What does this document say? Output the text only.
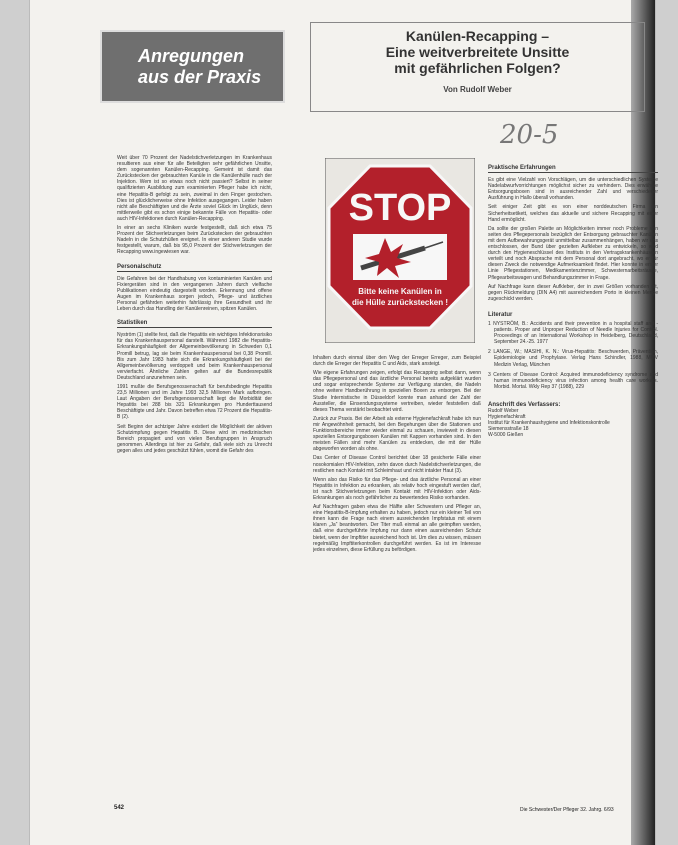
Anregungen
aus der Praxis
Kanülen-Recapping –
Eine weitverbreitete Unsitte
mit gefährlichen Folgen?
Von Rudolf Weber
20-5
STOP
Bitte keine Kanülen in
die Hülle zurückstecken !

Weit über 70 Prozent der Nadelstichverletzungen im Krankenhaus resultieren aus einer für alle Beteiligten sehr gefährlichen Unsitte, dem sogenannten Kanülen-Recapping. Gemeint ist damit das Zurückstecken der gebrauchten Kanüle in die Kanülenhülle nach der Injektion. Wem ist so etwas noch nicht passiert? Selbst in seiner qualifizierten Ausbildung zum examinierten Pfleger habe ich nicht, eine Hepatitis-B gefolgt zu sein, zweimal in den Finger gestochen. Dies ist glücklicherweise ohne Infektion ausgegangen. Leider haben nicht alle Beschäftigten und die Ärzte soviel Glück im Unglück, denn mittlerweile gibt es schon einige bekannte Fälle von Hepatitis- oder auch HIV-Infektionen durch Kanülen-Recapping.

In einer an sechs Kliniken wurde festgestellt, daß sich etwa 75 Prozent der Stichverletzungen beim Zurückstecken der gebrauchten Nadeln in die Schutzhüllen ereignet. In einer anderen Studie wurde festgestellt, warum, daß bis 95,0 Prozent der Stichverletzungen der Recapping www.ingewiesen war.

Personalschutz

Die Gefahren bei der Handhabung von kontaminierten Kanülen und Fixiergeräten sind in den vergangenen Jahren durch vielfache Publikationen eindeutig dargestellt worden. Erkennung und offene Augen im Krankenhaus sorgen jedoch, Pflege- und ärztliches Personal gefährden weiterhin fahrlässig ihre Gesundheit und ihr Leben durch das Handling der Kanülenreinen, spitzen Kanülen.

Statistiken

Nyström (1) stellte fest, daß die Hepatitis ein wichtiges Infektionsrisiko für das Krankenhauspersonal darstellt. Während 1982 die Hepatitis-Erkrankungshäufigkeit der Allgemeinbevölkerung in Schweden 0,1 Promill betrug, lag sie beim Krankenhauspersonal bei 0,38 Promill. Bis zum Jahr 1983 hatte sich die Erkrankungshäufigkeit bei der Allgemeinbevölkerung verdoppelt und beim Krankenhauspersonal vervierfacht. Ähnliche Zahlen gelten auf die Bundesrepublik Deutschland anzunehmen sein.

1991 mußte die Berufsgenossenschaft für berufsbedingte Hepatitis 23,5 Millionen und im Jahre 1993 32,5 Millionen Mark aufbringen. Laut Angaben der Berufsgenossenschaft liegt die Morbidität der Hepatitis bei 288 bis 321 Erkrankungen pro Hunderttausend Beschäftigte und Jahr. Davon betreffen etwa 72 Prozent die Hepatitis-B (2).

Seit Beginn der achtziger Jahre existiert die Möglichkeit der aktiven Schutzimpfung gegen Hepatitis B. Diese wird im medizinischen Bereich propagiert und von vielen Berufsgruppen in Anspruch genommen. Allerdings ist hier zu Gefahr, daß viele sich zu Unrecht gegen alles und jedes geschützt fühlen, womit die Gefahr des

Inhalten durch einmal über den Weg der Erreger Erreger, zum Beispiel durch die Erreger der Hepatitis C und Aids, stark ansteigt.

Wie eigene Erfahrungen zeigen, erfolgt das Recapping selbst dann, wenn das Pflegepersonal und das ärztliche Personal bereits aufgeklärt wurden und sogar entsprechende Systeme zur Verfügung standen, die Nadeln ohne weitere Handberührung in speziellen Boxen zu entsorgen. Bei der Studie Internistische in Düsseldorf konnte man anhand der Zahl der Aussteller, die Einsendungssysteme vertreiben, wieder feststellen daß dieses Thema verstärkt beobachtet wird.

Zurück zur Praxis. Bei der Arbeit als externe Hygienefachkraft habe ich nun mir Angewöhnheit gemacht, bei den Begehungen über die Stationen und Funktionsbereiche immer wieder einmal zu schauen, inwieweit in diesen speziellen Entsorgungsboxen Kanülen mit Kappen vorhanden sind. In den meisten Fällen sind mehr Kanülen zu entdecken, die mit der Hülle abgeworfen worden als ohne.

Das Center of Disease Control berichtet über 18 gesicherte Fälle einer nosokomialen HIV-Infektion, zehn davon durch Nadelstichverletzungen, die restlichen nach Kontakt mit Schleimhaut und nicht intakter Haut (3).

Wenn also das Risiko für das Pflege- und das ärztliche Personal an einer Hepatitis in Infektion zu erkranken, als relativ hoch eingestuft werden darf, ist nach Stichverletzungen beim Kontakt mit HIV-Infektion oder Aids-Erkrankungen als noch gefährlicher zu bewertendes Risiko vorhanden.

Auf Nachfragen gaben etwa die Hälfte aller Schwestern und Pfleger an, eine Hepatitis-B-Impfung erhalten zu haben, jedoch nur ein kleiner Teil von ihnen kann die Frage nach einem ausreichenden Impfstatus mit einem klaren „Ja“ beantworten. Der Titer muß einmal an alle geimpften werden, daß eine durchgeführte Impfung nur dann einen ausreichenden Schutz bietet, wenn der Impftiter ausreichend hoch ist. Um dies zu wissen, müssen regelmäßig Impftiterkontrollen durchgeführt werden. Es ist im Interesse jedes einzelnen, diese Erfüllung zu befördigen.

Praktische Erfahrungen

Es gibt eine Vielzahl von Vorschlägen, um die unterschiedlichen Systeme Nadelabwurfvorrichtungen möglichst sicher zu verhindern. Dies erwähnte Entsorgungsboxen sind in ausreichender Zahl und verschiedener Ausführung in Hallo überall vorhanden.

Seit einiger Zeit gibt es von einer norddeutschen Firma ein Sicherheitsetikett, welches das aktuelle und sichere Recapping mit einer Hand ermöglicht.

Da sollte der großen Palette an Möglichkeiten immer noch Probleme von seiten des Pflegepersonals bezüglich der Entsorgung gebrauchter Kanülen mit dem Aufbewahrungsgerät unmittelbar zusammenhängen, haben wir uns entschlossen, der Bund über gezielten Aufkleber zu entwickeln, so wird durch den Hygieneschlüssel des Instituts in den Vertragskrankenhäusern verteilt und noch Absprache mit dem Personal dort angebracht, wo er für diesen Zweck die notwendige Aufmerksamkeit findet. Hier konnte in erster Linie Pflegestationen, Medikamentenzimmer, Schwesternarbeitsräume, Pflegearbeitswagen und Behandlungszimmer in Frage.

Auf Nachfrage kann dieser Aufkleber, der in zwei Größen vorhanden ist, gegen Rückmeldung (DIN A4) mit ausreichendem Porto in kleinen Menge zugeschickt werden.

Literatur
1 NYSTRÖM, B.: Accidents and their prevention in a hospital staff and - patients. Proper and Unproper Reduction of Needle Injuries for Control. Proceedings of an International Workshop in Heidelberg, Deutschland, September 24.-25. 1977
2 LANGE, W.; MASIHI, K. N.: Virus-Hepatitis: Beschwerden, Prävention, Epidemiologie und Prophylaxe. Verlag Hans Schindler, 1988, MMV Medizin Verlag, München
3 Centers of Disease Control: Acquired immunodeficiency syndrome and human immunodeficiency virus infection among health care workers. Morbid. Mortal. Wkly Rep 37 (1988), 229
Anschrift des Verfassers:
Rudolf Weber
Hygienefachkraft
Institut für Krankenhaushygiene und Infektionskontrolle
Siemensstraße 18
W-5000 Gießen
542	Die Schwester/Der Pfleger 32. Jahrg. 6/93
